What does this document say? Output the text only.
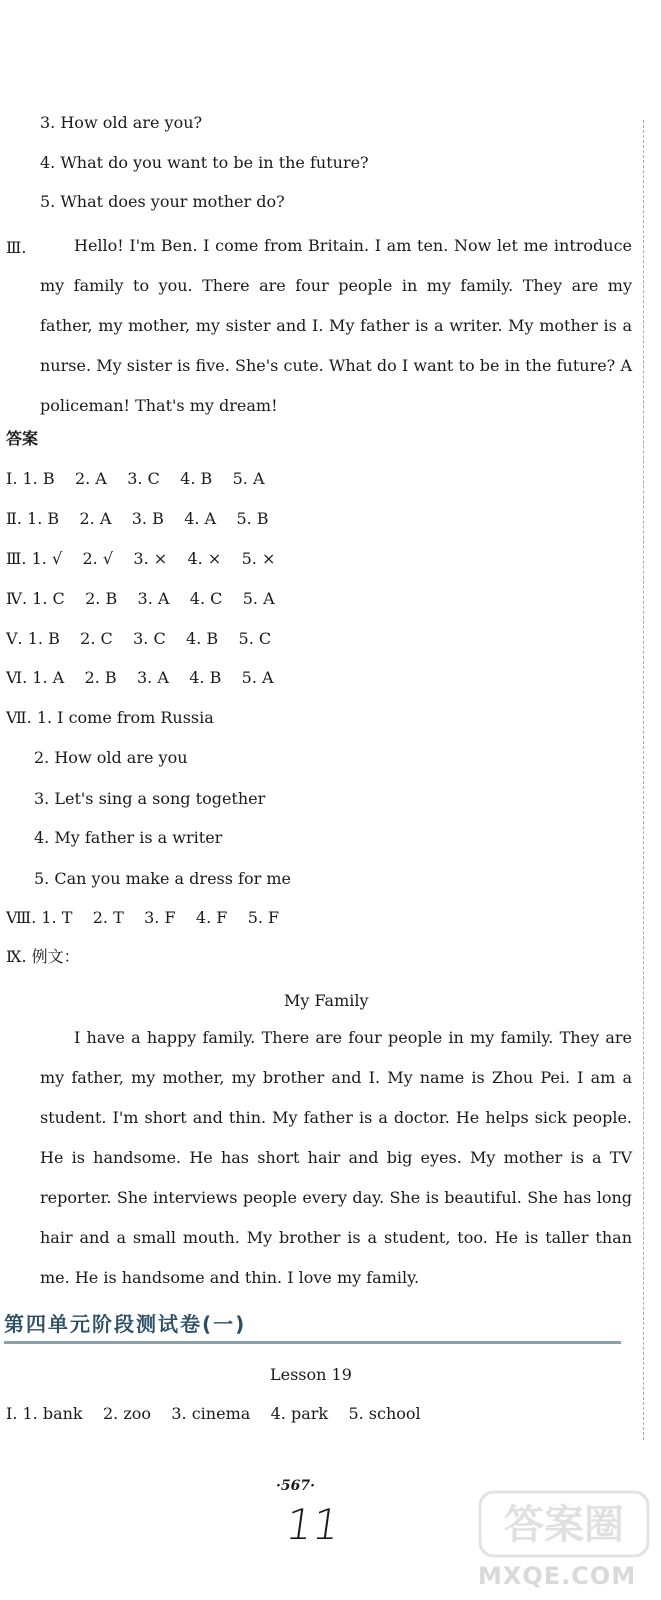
3. How old are you?
4. What do you want to be in the future?
5. What does your mother do?
Ⅲ.	Hello! I'm Ben. I come from Britain. I am ten. Now let me introduce my family to you. There are four people in my family. They are my father, my mother, my sister and I. My father is a writer. My mother is a nurse. My sister is five. She's cute. What do I want to be in the future? A policeman! That's my dream!
答案
Ⅰ. 1. B    2. A    3. C    4. B    5. A
Ⅱ. 1. B    2. A    3. B    4. A    5. B
Ⅲ. 1. √    2. √    3. ×    4. ×    5. ×
Ⅳ. 1. C    2. B    3. A    4. C    5. A
Ⅴ. 1. B    2. C    3. C    4. B    5. C
Ⅵ. 1. A    2. B    3. A    4. B    5. A
Ⅶ. 1. I come from Russia
2. How old are you
3. Let's sing a song together
4. My father is a writer
5. Can you make a dress for me
Ⅷ. 1. T    2. T    3. F    4. F    5. F
Ⅸ. 例文：
My Family
I have a happy family. There are four people in my family. They are my father, my mother, my brother and I. My name is Zhou Pei. I am a student. I'm short and thin. My father is a doctor. He helps sick people. He is handsome. He has short hair and big eyes. My mother is a TV reporter. She interviews people every day. She is beautiful. She has long hair and a small mouth. My brother is a student, too. He is taller than me. He is handsome and thin. I love my family.
第四单元阶段测试卷(一)
Lesson 19
Ⅰ. 1. bank    2. zoo    3. cinema    4. park    5. school
·567·
11	答案圈
MXQE.COM
